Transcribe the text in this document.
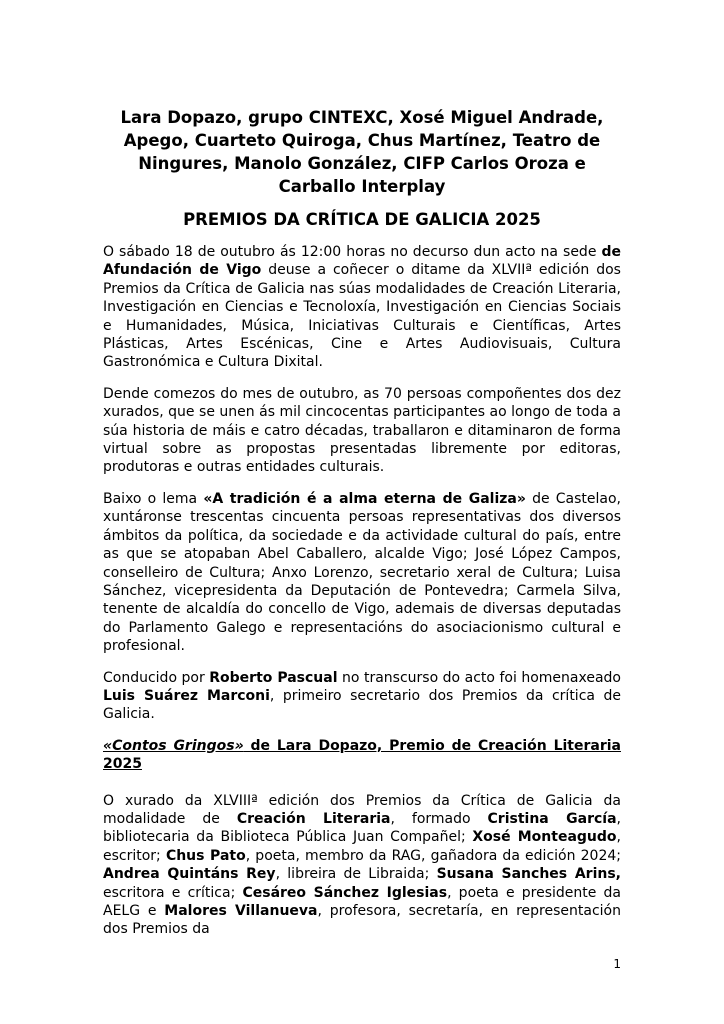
Lara Dopazo, grupo CINTEXC, Xosé Miguel Andrade,
Apego, Cuarteto Quiroga, Chus Martínez, Teatro de
Ningures, Manolo González, CIFP Carlos Oroza e
Carballo Interplay
PREMIOS DA CRÍTICA DE GALICIA 2025

O sábado 18 de outubro ás 12:00 horas no decurso dun acto na sede de Afundación de Vigo deuse a coñecer o ditame da XLVIIª edición dos Premios da Crítica de Galicia nas súas modalidades de Creación Literaria, Investigación en Ciencias e Tecnoloxía, Investigación en Ciencias Sociais e Humanidades, Música, Iniciativas Culturais e Científicas, Artes Plásticas, Artes Escénicas, Cine e Artes Audiovisuais, Cultura Gastronómica e Cultura Dixital.

Dende comezos do mes de outubro, as 70 persoas compoñentes dos dez xurados, que se unen ás mil cincocentas participantes ao longo de toda a súa historia de máis e catro décadas, traballaron e ditaminaron de forma virtual sobre as propostas presentadas libremente por editoras, produtoras e outras entidades culturais.

Baixo o lema «A tradición é a alma eterna de Galiza» de Castelao, xuntáronse trescentas cincuenta persoas representativas dos diversos ámbitos da política, da sociedade e da actividade cultural do país, entre as que se atopaban Abel Caballero, alcalde Vigo; José López Campos, conselleiro de Cultura; Anxo Lorenzo, secretario xeral de Cultura; Luisa Sánchez, vicepresidenta da Deputación de Pontevedra; Carmela Silva, tenente de alcaldía do concello de Vigo, ademais de diversas deputadas do Parlamento Galego e representacións do asociacionismo cultural e profesional.

Conducido por Roberto Pascual no transcurso do acto foi homenaxeado Luis Suárez Marconi, primeiro secretario dos Premios da crítica de Galicia.

«Contos Gringos» de Lara Dopazo, Premio de Creación Literaria 2025

O xurado da XLVIIIª edición dos Premios da Crítica de Galicia da modalidade de Creación Literaria, formado Cristina García, bibliotecaria da Biblioteca Pública Juan Compañel; Xosé Monteagudo, escritor; Chus Pato, poeta, membro da RAG, gañadora da edición 2024; Andrea Quintáns Rey, libreira de Libraida; Susana Sanches Arins, escritora e crítica; Cesáreo Sánchez Iglesias, poeta e presidente da AELG e Malores Villanueva, profesora, secretaría, en representación dos Premios da

1
